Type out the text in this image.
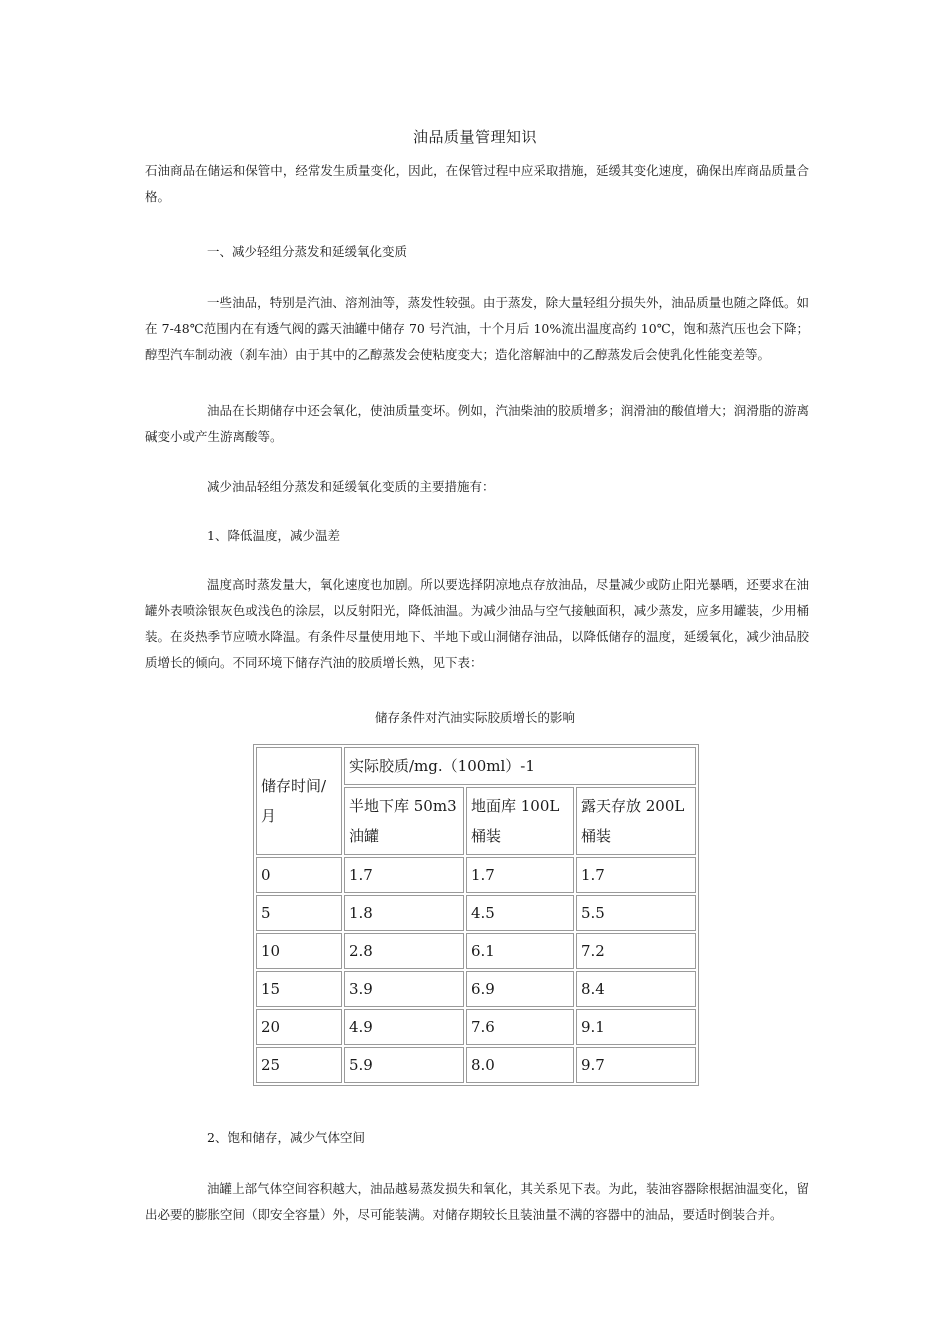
油品质量管理知识
石油商品在储运和保管中，经常发生质量变化，因此，在保管过程中应采取措施，延缓其变化速度，确保出库商品质量合格。
一、减少轻组分蒸发和延缓氧化变质
一些油品，特别是汽油、溶剂油等，蒸发性较强。由于蒸发，除大量轻组分损失外，油品质量也随之降低。如在 7-48℃范围内在有透气阀的露天油罐中储存 70 号汽油，十个月后 10%流出温度高约 10℃，饱和蒸汽压也会下降；醇型汽车制动液（刹车油）由于其中的乙醇蒸发会使粘度变大；造化溶解油中的乙醇蒸发后会使乳化性能变差等。
油品在长期储存中还会氧化，使油质量变坏。例如，汽油柴油的胶质增多；润滑油的酸值增大；润滑脂的游离碱变小或产生游离酸等。
减少油品轻组分蒸发和延缓氧化变质的主要措施有：
1、降低温度，减少温差
温度高时蒸发量大，氧化速度也加剧。所以要选择阴凉地点存放油品，尽量减少或防止阳光暴晒，还要求在油罐外表喷涂银灰色或浅色的涂层，以反射阳光，降低油温。为减少油品与空气接触面积，减少蒸发，应多用罐装，少用桶装。在炎热季节应喷水降温。有条件尽量使用地下、半地下或山洞储存油品，以降低储存的温度，延缓氧化，减少油品胶质增长的倾向。不同环境下储存汽油的胶质增长熟，见下表：
储存条件对汽油实际胶质增长的影响
储存时间/月	实际胶质/mg.（100ml）-1		
	半地下库 50m3 油罐	地面库 100L 桶装	露天存放 200L 桶装
0	1.7	1.7	1.7
5	1.8	4.5	5.5
10	2.8	6.1	7.2
15	3.9	6.9	8.4
20	4.9	7.6	9.1
25	5.9	8.0	9.7
2、饱和储存，减少气体空间
油罐上部气体空间容积越大，油品越易蒸发损失和氧化，其关系见下表。为此，装油容器除根据油温变化，留出必要的膨胀空间（即安全容量）外，尽可能装满。对储存期较长且装油量不满的容器中的油品，要适时倒装合并。
